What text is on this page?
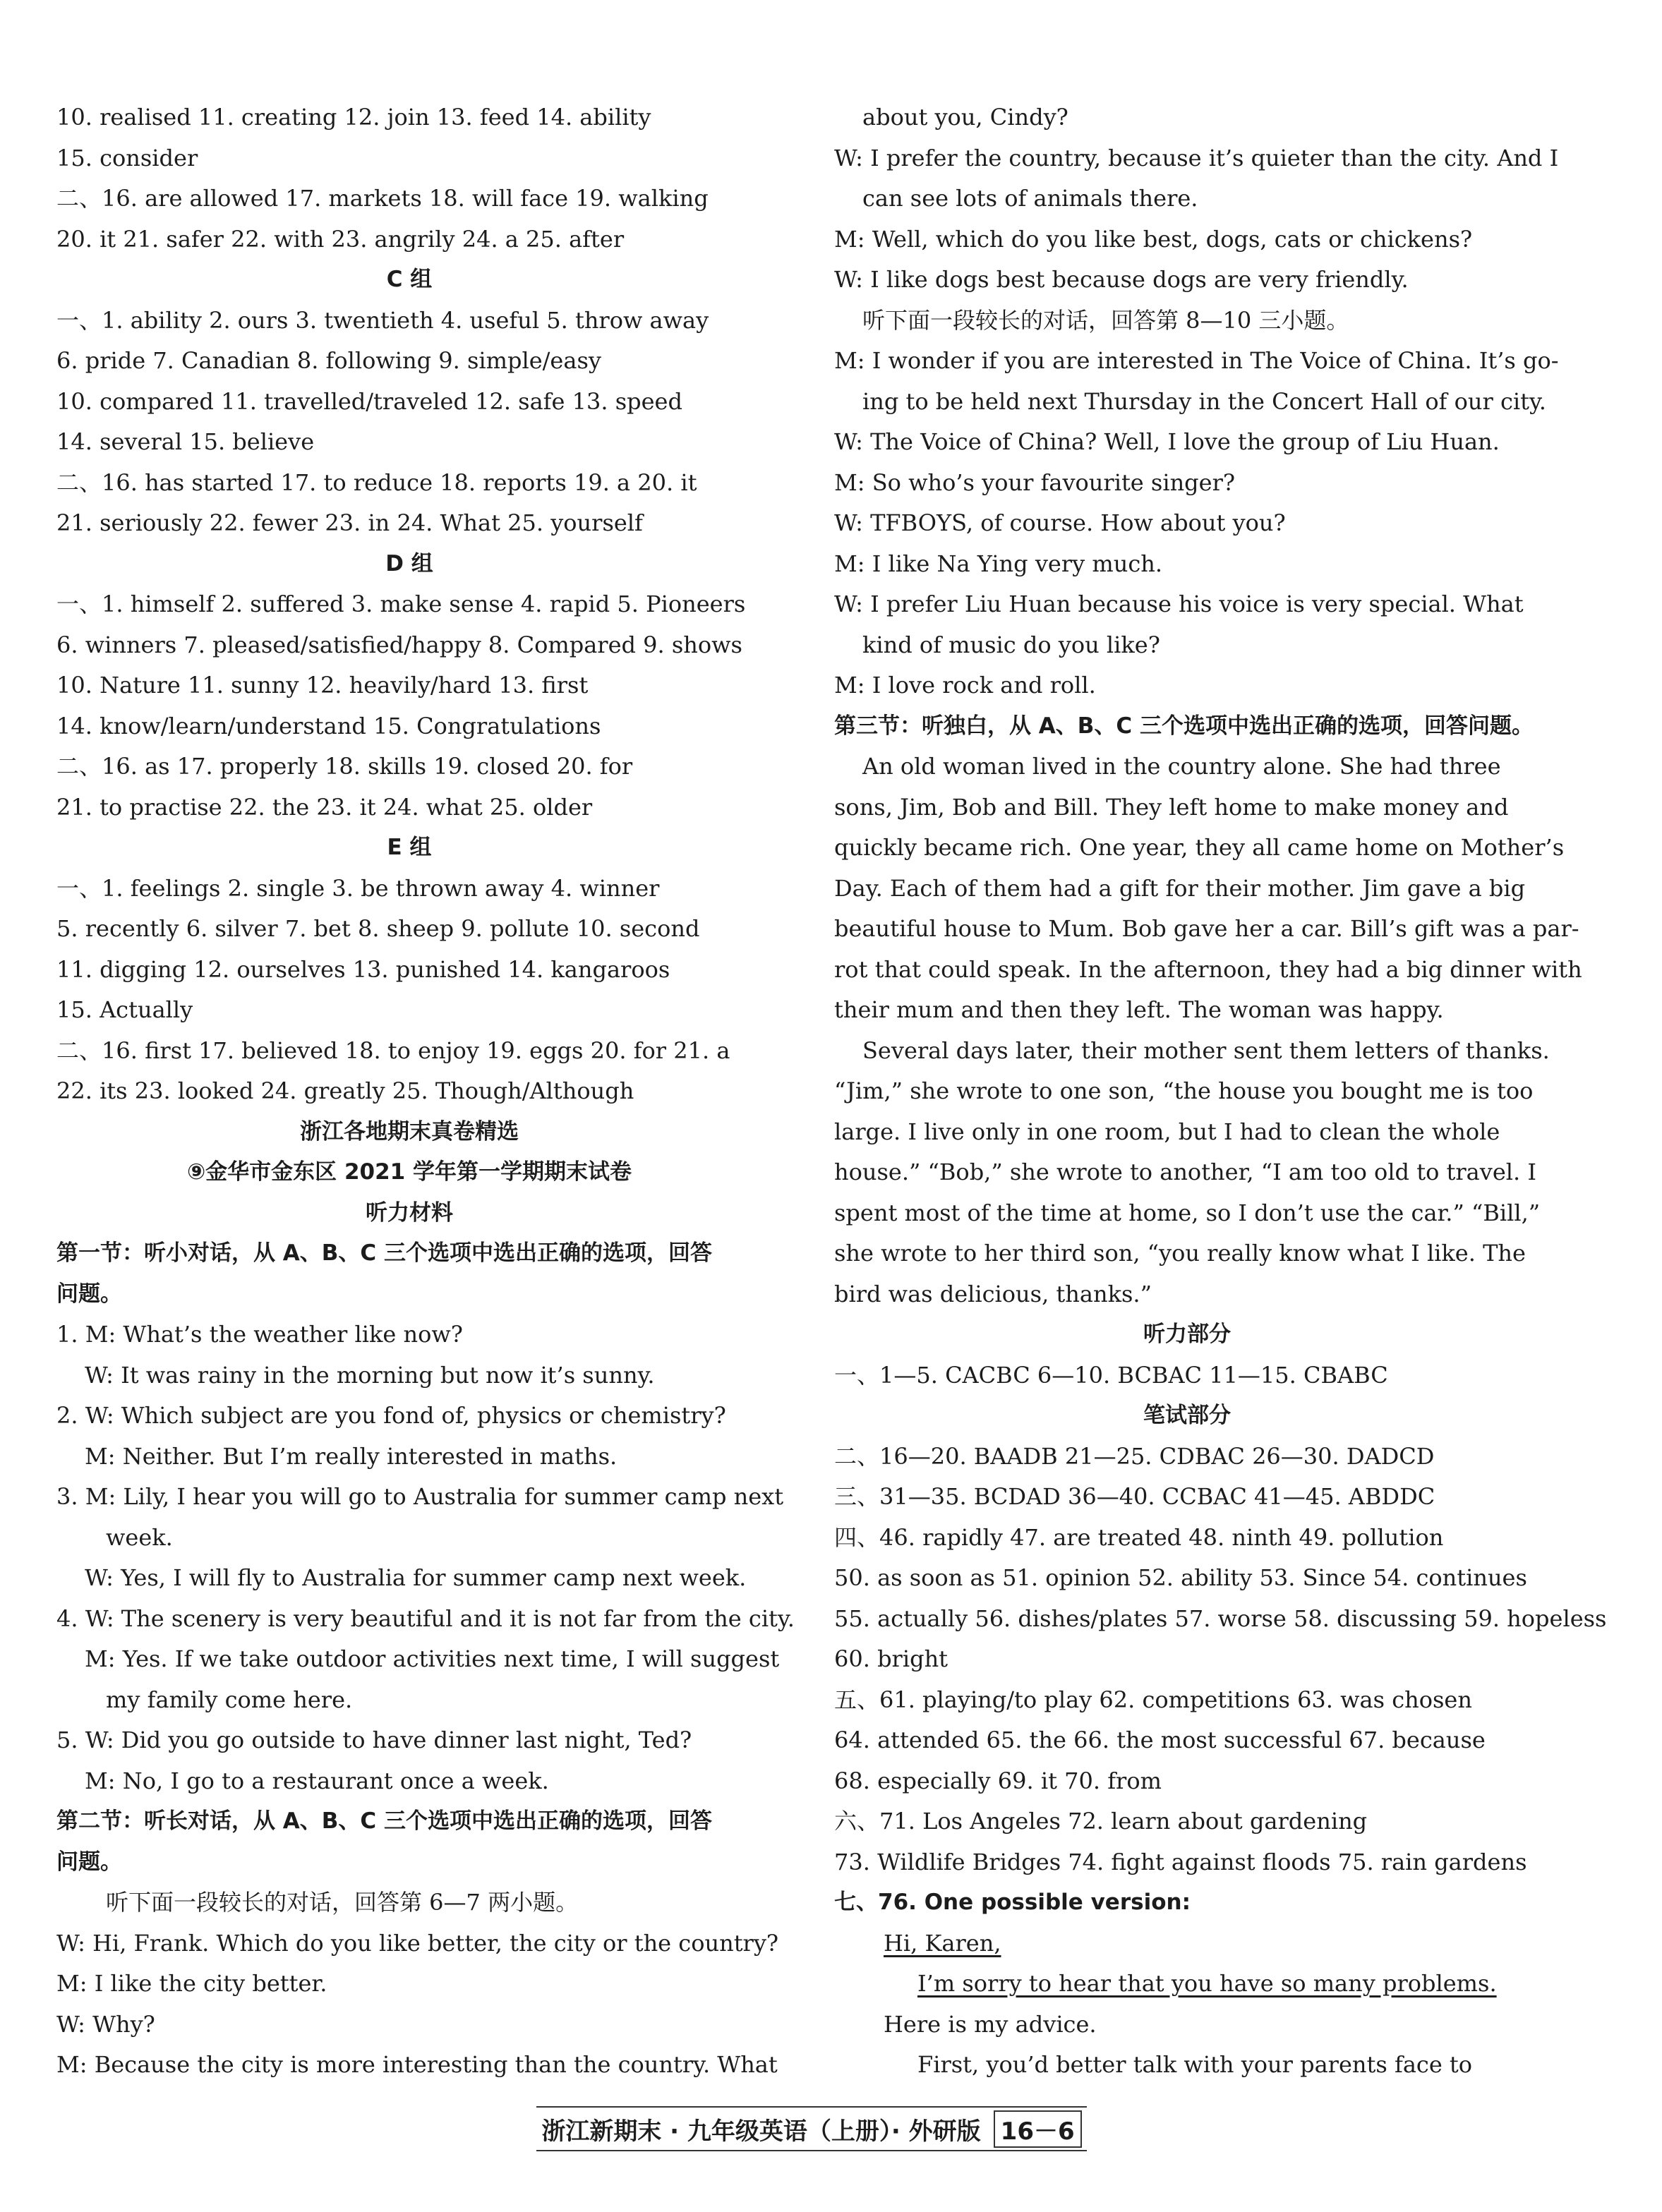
10. realised 11. creating 12. join 13. feed 14. ability
15. consider
二、16. are allowed 17. markets 18. will face 19. walking
20. it 21. safer 22. with 23. angrily 24. a 25. after
C 组
一、1. ability 2. ours 3. twentieth 4. useful 5. throw away
6. pride 7. Canadian 8. following 9. simple/easy
10. compared 11. travelled/traveled 12. safe 13. speed
14. several 15. believe
二、16. has started 17. to reduce 18. reports 19. a 20. it
21. seriously 22. fewer 23. in 24. What 25. yourself
D 组
一、1. himself 2. suffered 3. make sense 4. rapid 5. Pioneers
6. winners 7. pleased/satisfied/happy 8. Compared 9. shows
10. Nature 11. sunny 12. heavily/hard 13. first
14. know/learn/understand 15. Congratulations
二、16. as 17. properly 18. skills 19. closed 20. for
21. to practise 22. the 23. it 24. what 25. older
E 组
一、1. feelings 2. single 3. be thrown away 4. winner
5. recently 6. silver 7. bet 8. sheep 9. pollute 10. second
11. digging 12. ourselves 13. punished 14. kangaroos
15. Actually
二、16. first 17. believed 18. to enjoy 19. eggs 20. for 21. a
22. its 23. looked 24. greatly 25. Though/Although
浙江各地期末真卷精选
⑨金华市金东区 2021 学年第一学期期末试卷
听力材料
第一节：听小对话，从 A、B、C 三个选项中选出正确的选项，回答
问题。
1. M: What’s the weather like now?
W: It was rainy in the morning but now it’s sunny.
2. W: Which subject are you fond of, physics or chemistry?
M: Neither. But I’m really interested in maths.
3. M: Lily, I hear you will go to Australia for summer camp next
week.
W: Yes, I will fly to Australia for summer camp next week.
4. W: The scenery is very beautiful and it is not far from the city.
M: Yes. If we take outdoor activities next time, I will suggest
my family come here.
5. W: Did you go outside to have dinner last night, Ted?
M: No, I go to a restaurant once a week.
第二节：听长对话，从 A、B、C 三个选项中选出正确的选项，回答
问题。
听下面一段较长的对话，回答第 6—7 两小题。
W: Hi, Frank. Which do you like better, the city or the country?
M: I like the city better.
W: Why?
M: Because the city is more interesting than the country. What
about you, Cindy?
W: I prefer the country, because it’s quieter than the city. And I
can see lots of animals there.
M: Well, which do you like best, dogs, cats or chickens?
W: I like dogs best because dogs are very friendly.
听下面一段较长的对话，回答第 8—10 三小题。
M: I wonder if you are interested in The Voice of China. It’s go-
ing to be held next Thursday in the Concert Hall of our city.
W: The Voice of China? Well, I love the group of Liu Huan.
M: So who’s your favourite singer?
W: TFBOYS, of course. How about you?
M: I like Na Ying very much.
W: I prefer Liu Huan because his voice is very special. What
kind of music do you like?
M: I love rock and roll.
第三节：听独白，从 A、B、C 三个选项中选出正确的选项，回答问题。
An old woman lived in the country alone. She had three
sons, Jim, Bob and Bill. They left home to make money and
quickly became rich. One year, they all came home on Mother’s
Day. Each of them had a gift for their mother. Jim gave a big
beautiful house to Mum. Bob gave her a car. Bill’s gift was a par-
rot that could speak. In the afternoon, they had a big dinner with
their mum and then they left. The woman was happy.
Several days later, their mother sent them letters of thanks.
“Jim,” she wrote to one son, “the house you bought me is too
large. I live only in one room, but I had to clean the whole
house.” “Bob,” she wrote to another, “I am too old to travel. I
spent most of the time at home, so I don’t use the car.” “Bill,”
she wrote to her third son, “you really know what I like. The
bird was delicious, thanks.”
听力部分
一、1—5. CACBC 6—10. BCBAC 11—15. CBABC
笔试部分
二、16—20. BAADB 21—25. CDBAC 26—30. DADCD
三、31—35. BCDAD 36—40. CCBAC 41—45. ABDDC
四、46. rapidly 47. are treated 48. ninth 49. pollution
50. as soon as 51. opinion 52. ability 53. Since 54. continues
55. actually 56. dishes/plates 57. worse 58. discussing 59. hopeless
60. bright
五、61. playing/to play 62. competitions 63. was chosen
64. attended 65. the 66. the most successful 67. because
68. especially 69. it 70. from
六、71. Los Angeles 72. learn about gardening
73. Wildlife Bridges 74. fight against floods 75. rain gardens
七、76. One possible version:
Hi, Karen,
I’m sorry to hear that you have so many problems.
Here is my advice.
First, you’d better talk with your parents face to
浙江新期末 · 九年级英语（上册）· 外研版 16－6
